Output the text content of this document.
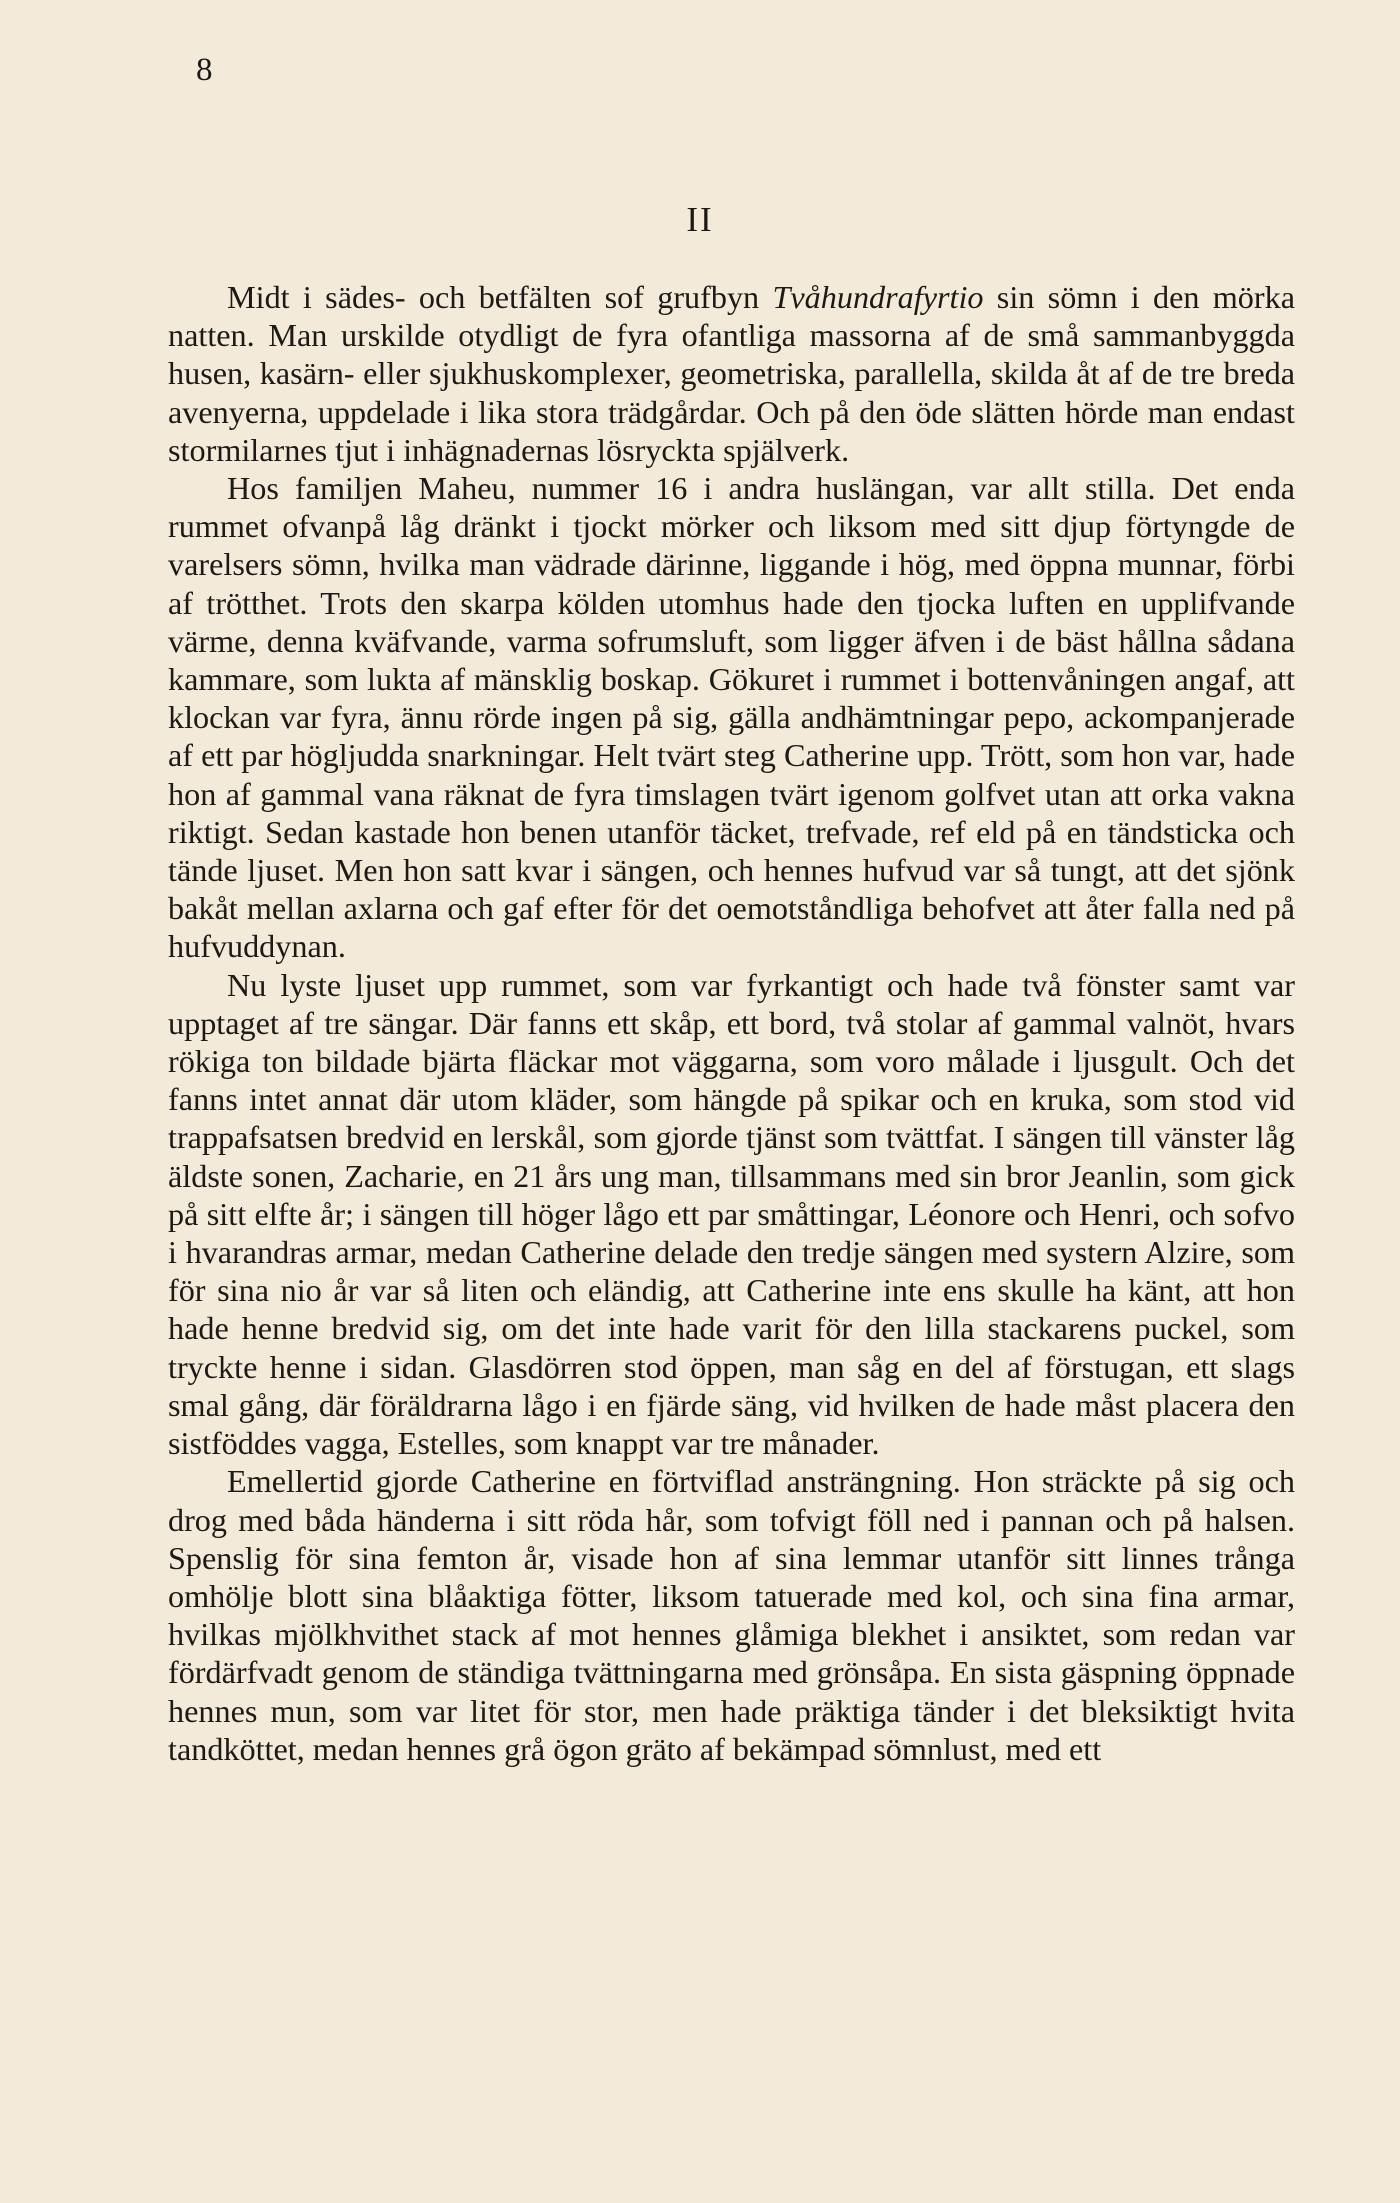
8
II

Midt i sädes- och betfälten sof grufbyn Tvåhundrafyrtio sin sömn i den mörka natten. Man urskilde otydligt de fyra ofantliga massorna af de små sammanbyggda husen, kasärn- eller sjukhuskomplexer, geometriska, parallella, skilda åt af de tre breda avenyerna, uppdelade i lika stora trädgårdar. Och på den öde slätten hörde man endast stormilarnes tjut i inhägnadernas lösryckta spjälverk.

Hos familjen Maheu, nummer 16 i andra huslängan, var allt stilla. Det enda rummet ofvanpå låg dränkt i tjockt mörker och liksom med sitt djup förtyngde de varelsers sömn, hvilka man vädrade därinne, liggande i hög, med öppna munnar, förbi af trötthet. Trots den skarpa kölden utomhus hade den tjocka luften en upplifvande värme, denna kväfvande, varma sofrumsluft, som ligger äfven i de bäst hållna sådana kammare, som lukta af mänsklig boskap. Gökuret i rummet i bottenvåningen angaf, att klockan var fyra, ännu rörde ingen på sig, gälla andhämtningar pepo, ackompanjerade af ett par högljudda snarkningar. Helt tvärt steg Catherine upp. Trött, som hon var, hade hon af gammal vana räknat de fyra timslagen tvärt igenom golfvet utan att orka vakna riktigt. Sedan kastade hon benen utanför täcket, trefvade, ref eld på en tändsticka och tände ljuset. Men hon satt kvar i sängen, och hennes hufvud var så tungt, att det sjönk bakåt mellan axlarna och gaf efter för det oemotståndliga behofvet att åter falla ned på hufvuddynan.

Nu lyste ljuset upp rummet, som var fyrkantigt och hade två fönster samt var upptaget af tre sängar. Där fanns ett skåp, ett bord, två stolar af gammal valnöt, hvars rökiga ton bildade bjärta fläckar mot väggarna, som voro målade i ljusgult. Och det fanns intet annat där utom kläder, som hängde på spikar och en kruka, som stod vid trappafsatsen bredvid en lerskål, som gjorde tjänst som tvättfat. I sängen till vänster låg äldste sonen, Zacharie, en 21 års ung man, tillsammans med sin bror Jeanlin, som gick på sitt elfte år; i sängen till höger lågo ett par småttingar, Léonore och Henri, och sofvo i hvarandras armar, medan Catherine delade den tredje sängen med systern Alzire, som för sina nio år var så liten och eländig, att Catherine inte ens skulle ha känt, att hon hade henne bredvid sig, om det inte hade varit för den lilla stackarens puckel, som tryckte henne i sidan. Glasdörren stod öppen, man såg en del af förstugan, ett slags smal gång, där föräldrarna lågo i en fjärde säng, vid hvilken de hade måst placera den sistföddes vagga, Estelles, som knappt var tre månader.

Emellertid gjorde Catherine en förtviflad ansträngning. Hon sträckte på sig och drog med båda händerna i sitt röda hår, som tofvigt föll ned i pannan och på halsen. Spenslig för sina femton år, visade hon af sina lemmar utanför sitt linnes trånga omhölje blott sina blåaktiga fötter, liksom tatuerade med kol, och sina fina armar, hvilkas mjölkhvithet stack af mot hennes glåmiga blekhet i ansiktet, som redan var fördärfvadt genom de ständiga tvättningarna med grönsåpa. En sista gäspning öppnade hennes mun, som var litet för stor, men hade präktiga tänder i det bleksiktigt hvita tandköttet, medan hennes grå ögon gräto af bekämpad sömnlust, med ett
